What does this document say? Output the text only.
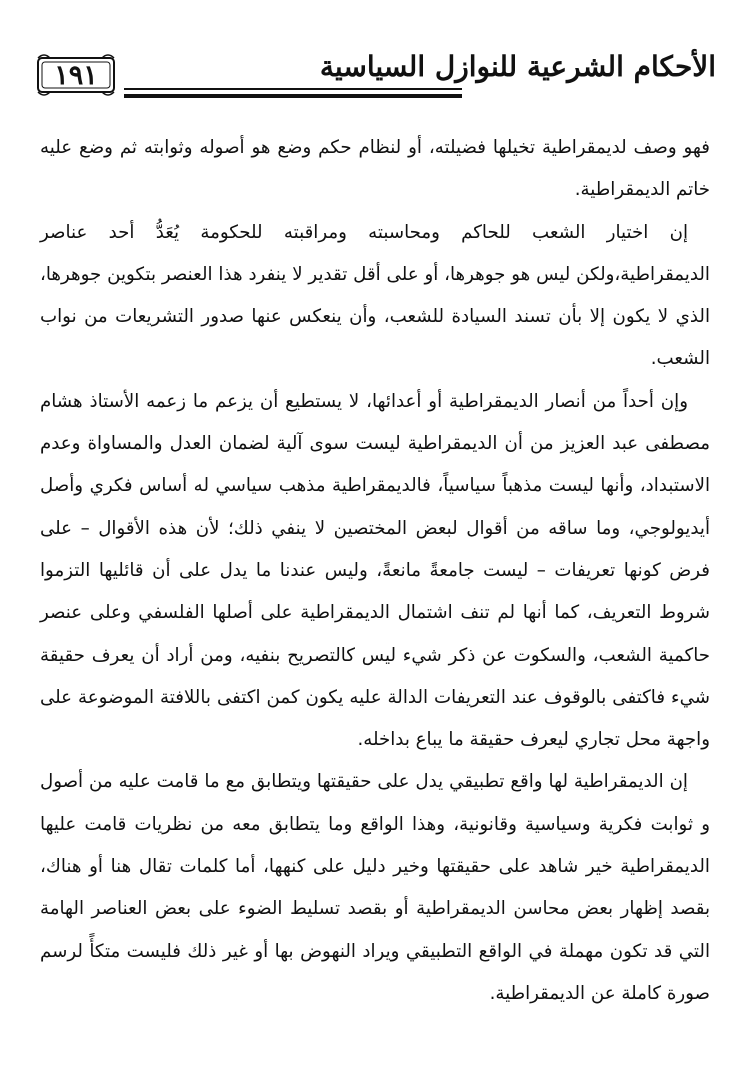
١٩١	الأحكام الشرعية للنوازل السياسية

فهو وصف لديمقراطية تخيلها فضيلته، أو لنظام حكم وضع هو أصوله وثوابته ثم وضع عليه خاتم الديمقراطية.

إن اختيار الشعب للحاكم ومحاسبته ومراقبته للحكومة يُعَدُّ أحد عناصر الديمقراطية،ولكن ليس هو جوهرها، أو على أقل تقدير لا ينفرد هذا العنصر بتكوين جوهرها، الذي لا يكون إلا بأن تسند السيادة للشعب، وأن ينعكس عنها صدور التشريعات من نواب الشعب.

وإن أحداً من أنصار الديمقراطية أو أعدائها، لا يستطيع أن يزعم ما زعمه الأستاذ هشام مصطفى عبد العزيز من أن الديمقراطية ليست سوى آلية لضمان العدل والمساواة وعدم الاستبداد، وأنها ليست مذهباً سياسياً، فالديمقراطية مذهب سياسي له أساس فكري وأصل أيديولوجي، وما ساقه من أقوال لبعض المختصين لا ينفي ذلك؛ لأن هذه الأقوال – على فرض كونها تعريفات – ليست جامعةً مانعةً، وليس عندنا ما يدل على أن قائليها التزموا شروط التعريف، كما أنها لم تنف اشتمال الديمقراطية على أصلها الفلسفي وعلى عنصر حاكمية الشعب، والسكوت عن ذكر شيء ليس كالتصريح بنفيه، ومن أراد أن يعرف حقيقة شيء فاكتفى بالوقوف عند التعريفات الدالة عليه يكون كمن اكتفى باللافتة الموضوعة على واجهة محل تجاري ليعرف حقيقة ما يباع بداخله.

إن الديمقراطية لها واقع تطبيقي يدل على حقيقتها ويتطابق مع ما قامت عليه من أصول و ثوابت فكرية وسياسية وقانونية، وهذا الواقع وما يتطابق معه من نظريات قامت عليها الديمقراطية خير شاهد على حقيقتها وخير دليل على كنهها، أما كلمات تقال هنا أو هناك، بقصد إظهار بعض محاسن الديمقراطية أو بقصد تسليط الضوء على بعض العناصر الهامة التي قد تكون مهملة في الواقع التطبيقي ويراد النهوض بها أو غير ذلك فليست متكأً لرسم صورة كاملة عن الديمقراطية.
